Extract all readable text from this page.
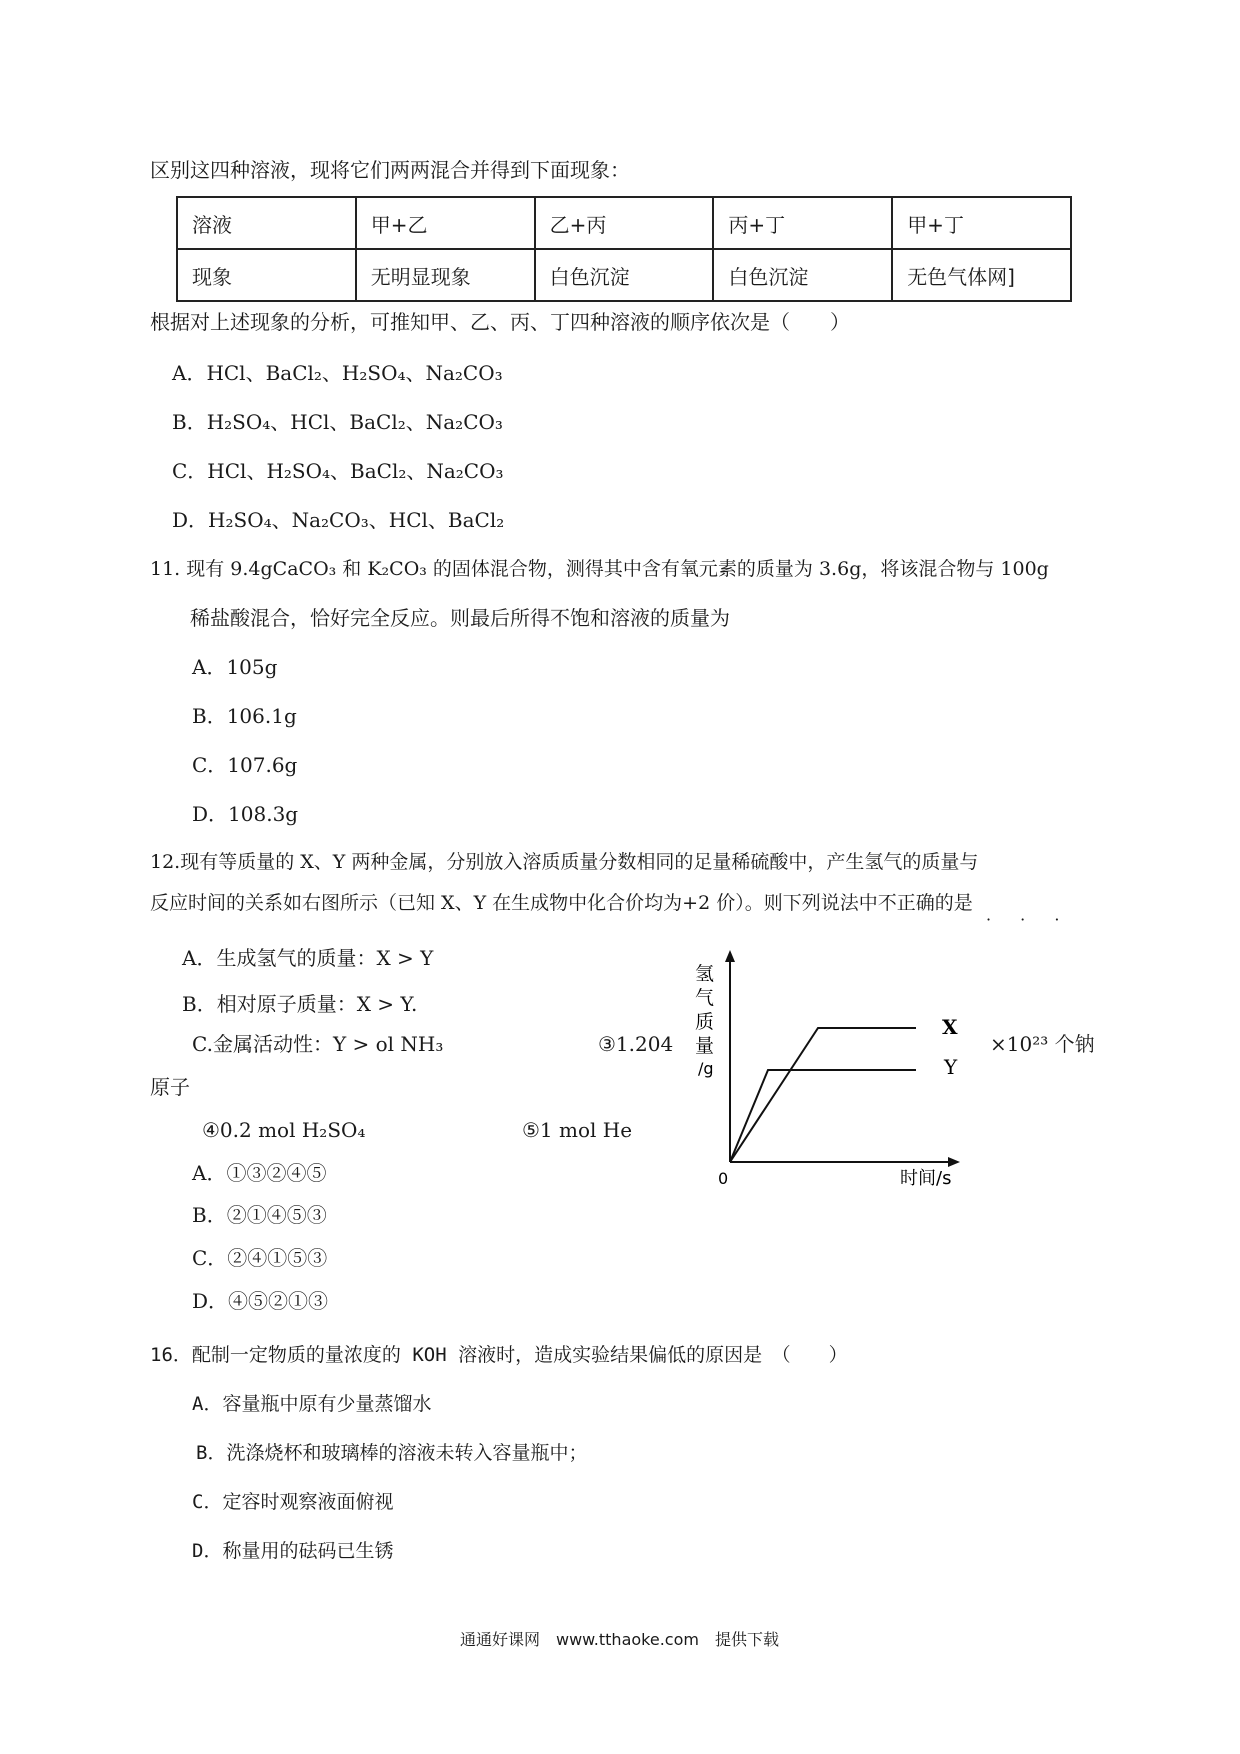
区别这四种溶液，现将它们两两混合并得到下面现象：
溶液	甲+乙	乙+丙	丙+丁	甲+丁
现象	无明显现象	白色沉淀	白色沉淀	无色气体网]
根据对上述现象的分析，可推知甲、乙、丙、丁四种溶液的顺序依次是（　　）
A．HCl、BaCl₂、H₂SO₄、Na₂CO₃
B．H₂SO₄、HCl、BaCl₂、Na₂CO₃
C．HCl、H₂SO₄、BaCl₂、Na₂CO₃
D．H₂SO₄、Na₂CO₃、HCl、BaCl₂
11. 现有 9.4gCaCO₃ 和 K₂CO₃ 的固体混合物，测得其中含有氧元素的质量为 3.6g，将该混合物与 100g
稀盐酸混合，恰好完全反应。则最后所得不饱和溶液的质量为
A．105g
B．106.1g
C．107.6g
D．108.3g
12.现有等质量的 X、Y 两种金属，分别放入溶质质量分数相同的足量稀硫酸中，产生氢气的质量与
反应时间的关系如右图所示（已知 X、Y 在生成物中化合价均为+2 价）。则下列说法中不正确的是
· · ·
A．生成氢气的质量：X > Y
B．相对原子质量：X > Y.
C.金属活动性：Y > ol NH₃	③1.204	×10²³ 个钠
原子
④0.2 mol H₂SO₄	⑤1 mol He
A．①③②④⑤
B．②①④⑤③
C．②④①⑤③
D．④⑤②①③
氢
气
质
量
/g
0	时间/s
X
Y
16．配制一定物质的量浓度的 KOH 溶液时，造成实验结果偏低的原因是　（　　）
A．容量瓶中原有少量蒸馏水
B．洗涤烧杯和玻璃棒的溶液未转入容量瓶中；
C．定容时观察液面俯视
D．称量用的砝码已生锈
通通好课网　www.tthaoke.com　提供下载
